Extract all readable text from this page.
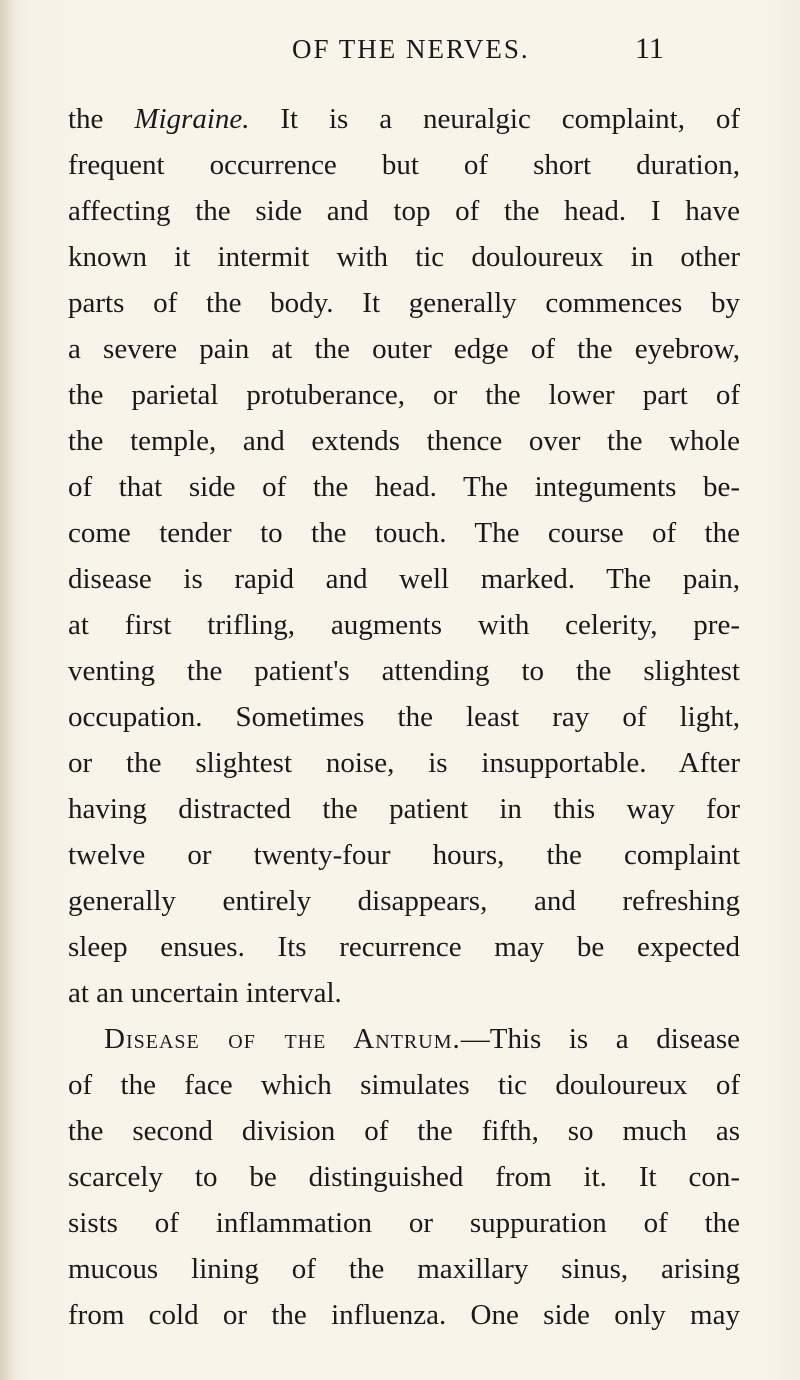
OF THE NERVES.	11
the Migraine. It is a neuralgic complaint, of
frequent occurrence but of short duration,
affecting the side and top of the head. I have
known it intermit with tic douloureux in other
parts of the body. It generally commences by
a severe pain at the outer edge of the eyebrow,
the parietal protuberance, or the lower part of
the temple, and extends thence over the whole
of that side of the head. The integuments be-
come tender to the touch. The course of the
disease is rapid and well marked. The pain,
at first trifling, augments with celerity, pre-
venting the patient's attending to the slightest
occupation. Sometimes the least ray of light,
or the slightest noise, is insupportable. After
having distracted the patient in this way for
twelve or twenty-four hours, the complaint
generally entirely disappears, and refreshing
sleep ensues. Its recurrence may be expected
at an uncertain interval.
Disease of the Antrum.—This is a disease
of the face which simulates tic douloureux of
the second division of the fifth, so much as
scarcely to be distinguished from it. It con-
sists of inflammation or suppuration of the
mucous lining of the maxillary sinus, arising
from cold or the influenza. One side only may
